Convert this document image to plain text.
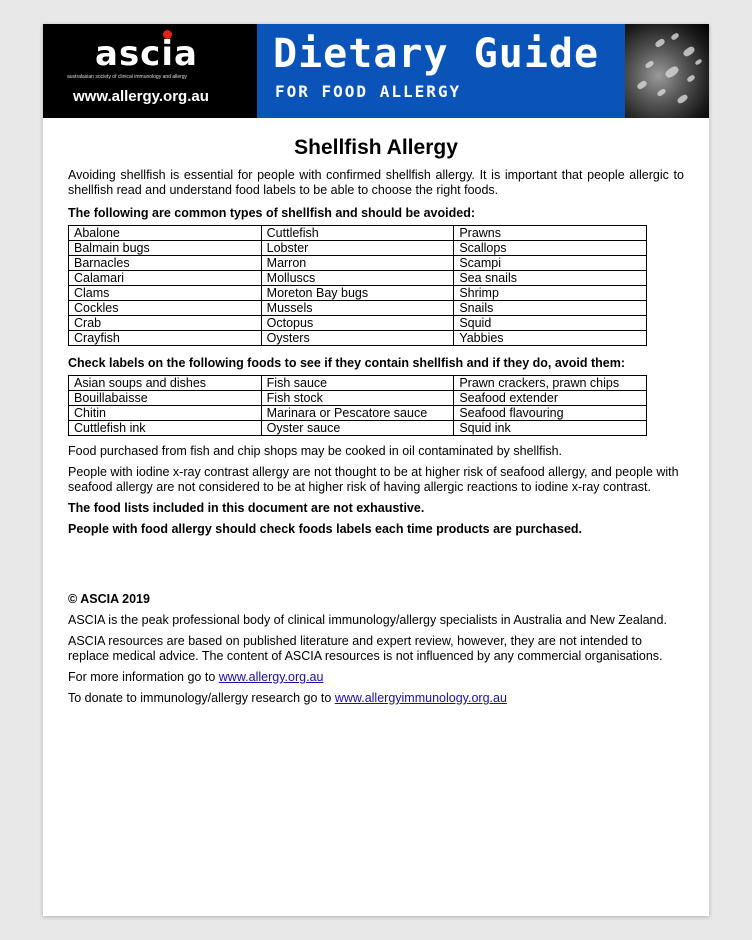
ascia
australasian society of clinical immunology and allergy
www.allergy.org.au
Dietary Guide
FOR FOOD ALLERGY
Shellfish Allergy

Avoiding shellfish is essential for people with confirmed shellfish allergy. It is important that people allergic to shellfish read and understand food labels to be able to choose the right foods.

The following are common types of shellfish and should be avoided:

Abalone	Cuttlefish	Prawns
Balmain bugs	Lobster	Scallops
Barnacles	Marron	Scampi
Calamari	Molluscs	Sea snails
Clams	Moreton Bay bugs	Shrimp
Cockles	Mussels	Snails
Crab	Octopus	Squid
Crayfish	Oysters	Yabbies

Check labels on the following foods to see if they contain shellfish and if they do, avoid them:

Asian soups and dishes	Fish sauce	Prawn crackers, prawn chips
Bouillabaisse	Fish stock	Seafood extender
Chitin	Marinara or Pescatore sauce	Seafood flavouring
Cuttlefish ink	Oyster sauce	Squid ink

Food purchased from fish and chip shops may be cooked in oil contaminated by shellfish.

People with iodine x-ray contrast allergy are not thought to be at higher risk of seafood allergy, and people with seafood allergy are not considered to be at higher risk of having allergic reactions to iodine x-ray contrast.

The food lists included in this document are not exhaustive.

People with food allergy should check foods labels each time products are purchased.

© ASCIA 2019

ASCIA is the peak professional body of clinical immunology/allergy specialists in Australia and New Zealand.

ASCIA resources are based on published literature and expert review, however, they are not intended to replace medical advice. The content of ASCIA resources is not influenced by any commercial organisations.

For more information go to www.allergy.org.au

To donate to immunology/allergy research go to www.allergyimmunology.org.au
